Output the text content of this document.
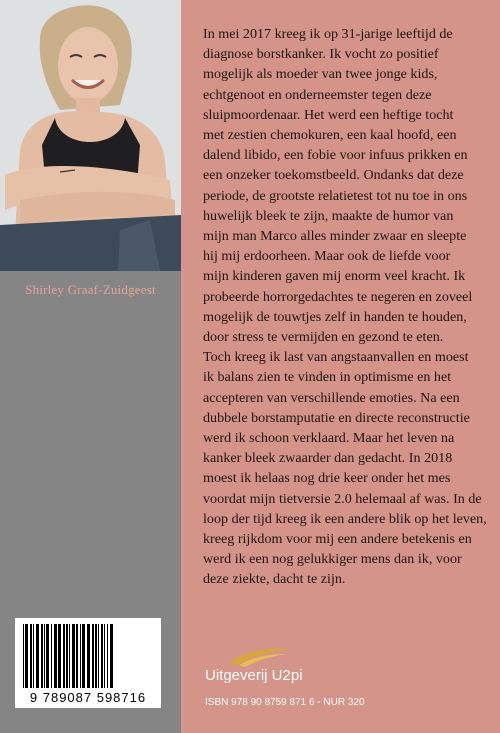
Shirley Graaf-Zuidgeest
9 789087 598716
In mei 2017 kreeg ik op 31-jarige leeftijd de
diagnose borstkanker. Ik vocht zo positief
mogelijk als moeder van twee jonge kids,
echtgenoot en onderneemster tegen deze
sluipmoordenaar. Het werd een heftige tocht
met zestien chemokuren, een kaal hoofd, een
dalend libido, een fobie voor infuus prikken en
een onzeker toekomstbeeld. Ondanks dat deze
periode, de grootste relatietest tot nu toe in ons
huwelijk bleek te zijn, maakte de humor van
mijn man Marco alles minder zwaar en sleepte
hij mij erdoorheen. Maar ook de liefde voor
mijn kinderen gaven mij enorm veel kracht. Ik
probeerde horrorgedachtes te negeren en zoveel
mogelijk de touwtjes zelf in handen te houden,
door stress te vermijden en gezond te eten.
Toch kreeg ik last van angstaanvallen en moest
ik balans zien te vinden in optimisme en het
accepteren van verschillende emoties. Na een
dubbele borstamputatie en directe reconstructie
werd ik schoon verklaard. Maar het leven na
kanker bleek zwaarder dan gedacht. In 2018
moest ik helaas nog drie keer onder het mes
voordat mijn tietversie 2.0 helemaal af was. In de
loop der tijd kreeg ik een andere blik op het leven,
kreeg rijkdom voor mij een andere betekenis en
werd ik een nog gelukkiger mens dan ik, voor
deze ziekte, dacht te zijn.
Uitgeverij U2pi
ISBN 978 90 8759 871 6 - NUR 320
